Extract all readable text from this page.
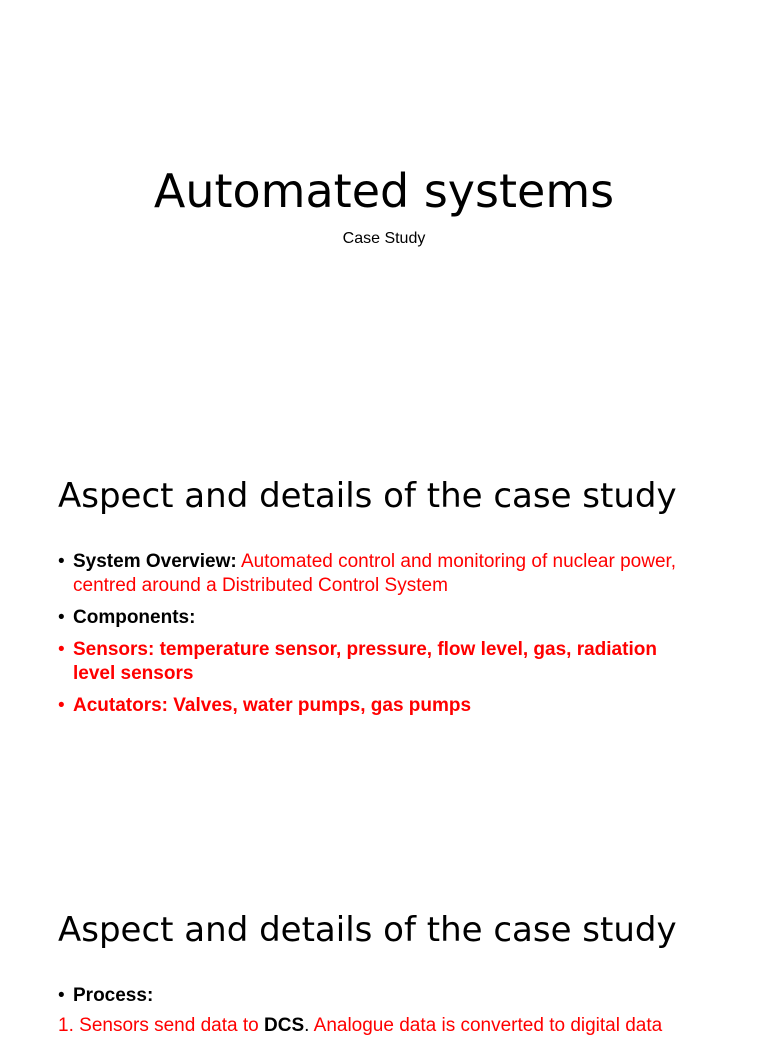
Automated systems
Case Study
Aspect and details of the case study
• System Overview: Automated control and monitoring of nuclear power, centred around a Distributed Control System
• Components:
• Sensors: temperature sensor, pressure, flow level, gas, radiation level sensors
• Acutators: Valves, water pumps, gas pumps
Aspect and details of the case study
• Process:
1. Sensors send data to DCS. Analogue data is converted to digital data
